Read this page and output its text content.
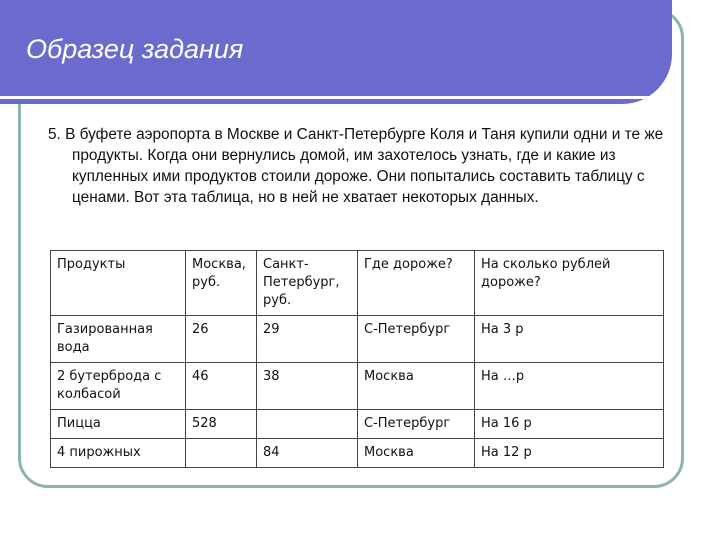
Образец задания

5. В буфете аэропорта в Москве и Санкт-Петербурге Коля и Таня купили одни и те же продукты. Когда они вернулись домой, им захотелось узнать, где и какие из купленных ими продуктов стоили дороже. Они попытались составить таблицу с ценами. Вот эта таблица, но в ней не хватает некоторых данных.

Продукты	Москва, руб.	Санкт-Петербург, руб.	Где дороже?	На сколько рублей дороже?
Газированная вода	26	29	С-Петербург	На 3 р
2 бутерброда с колбасой	46	38	Москва	На …р
Пицца	528		С-Петербург	На 16 р
4 пирожных		84	Москва	На 12 р
